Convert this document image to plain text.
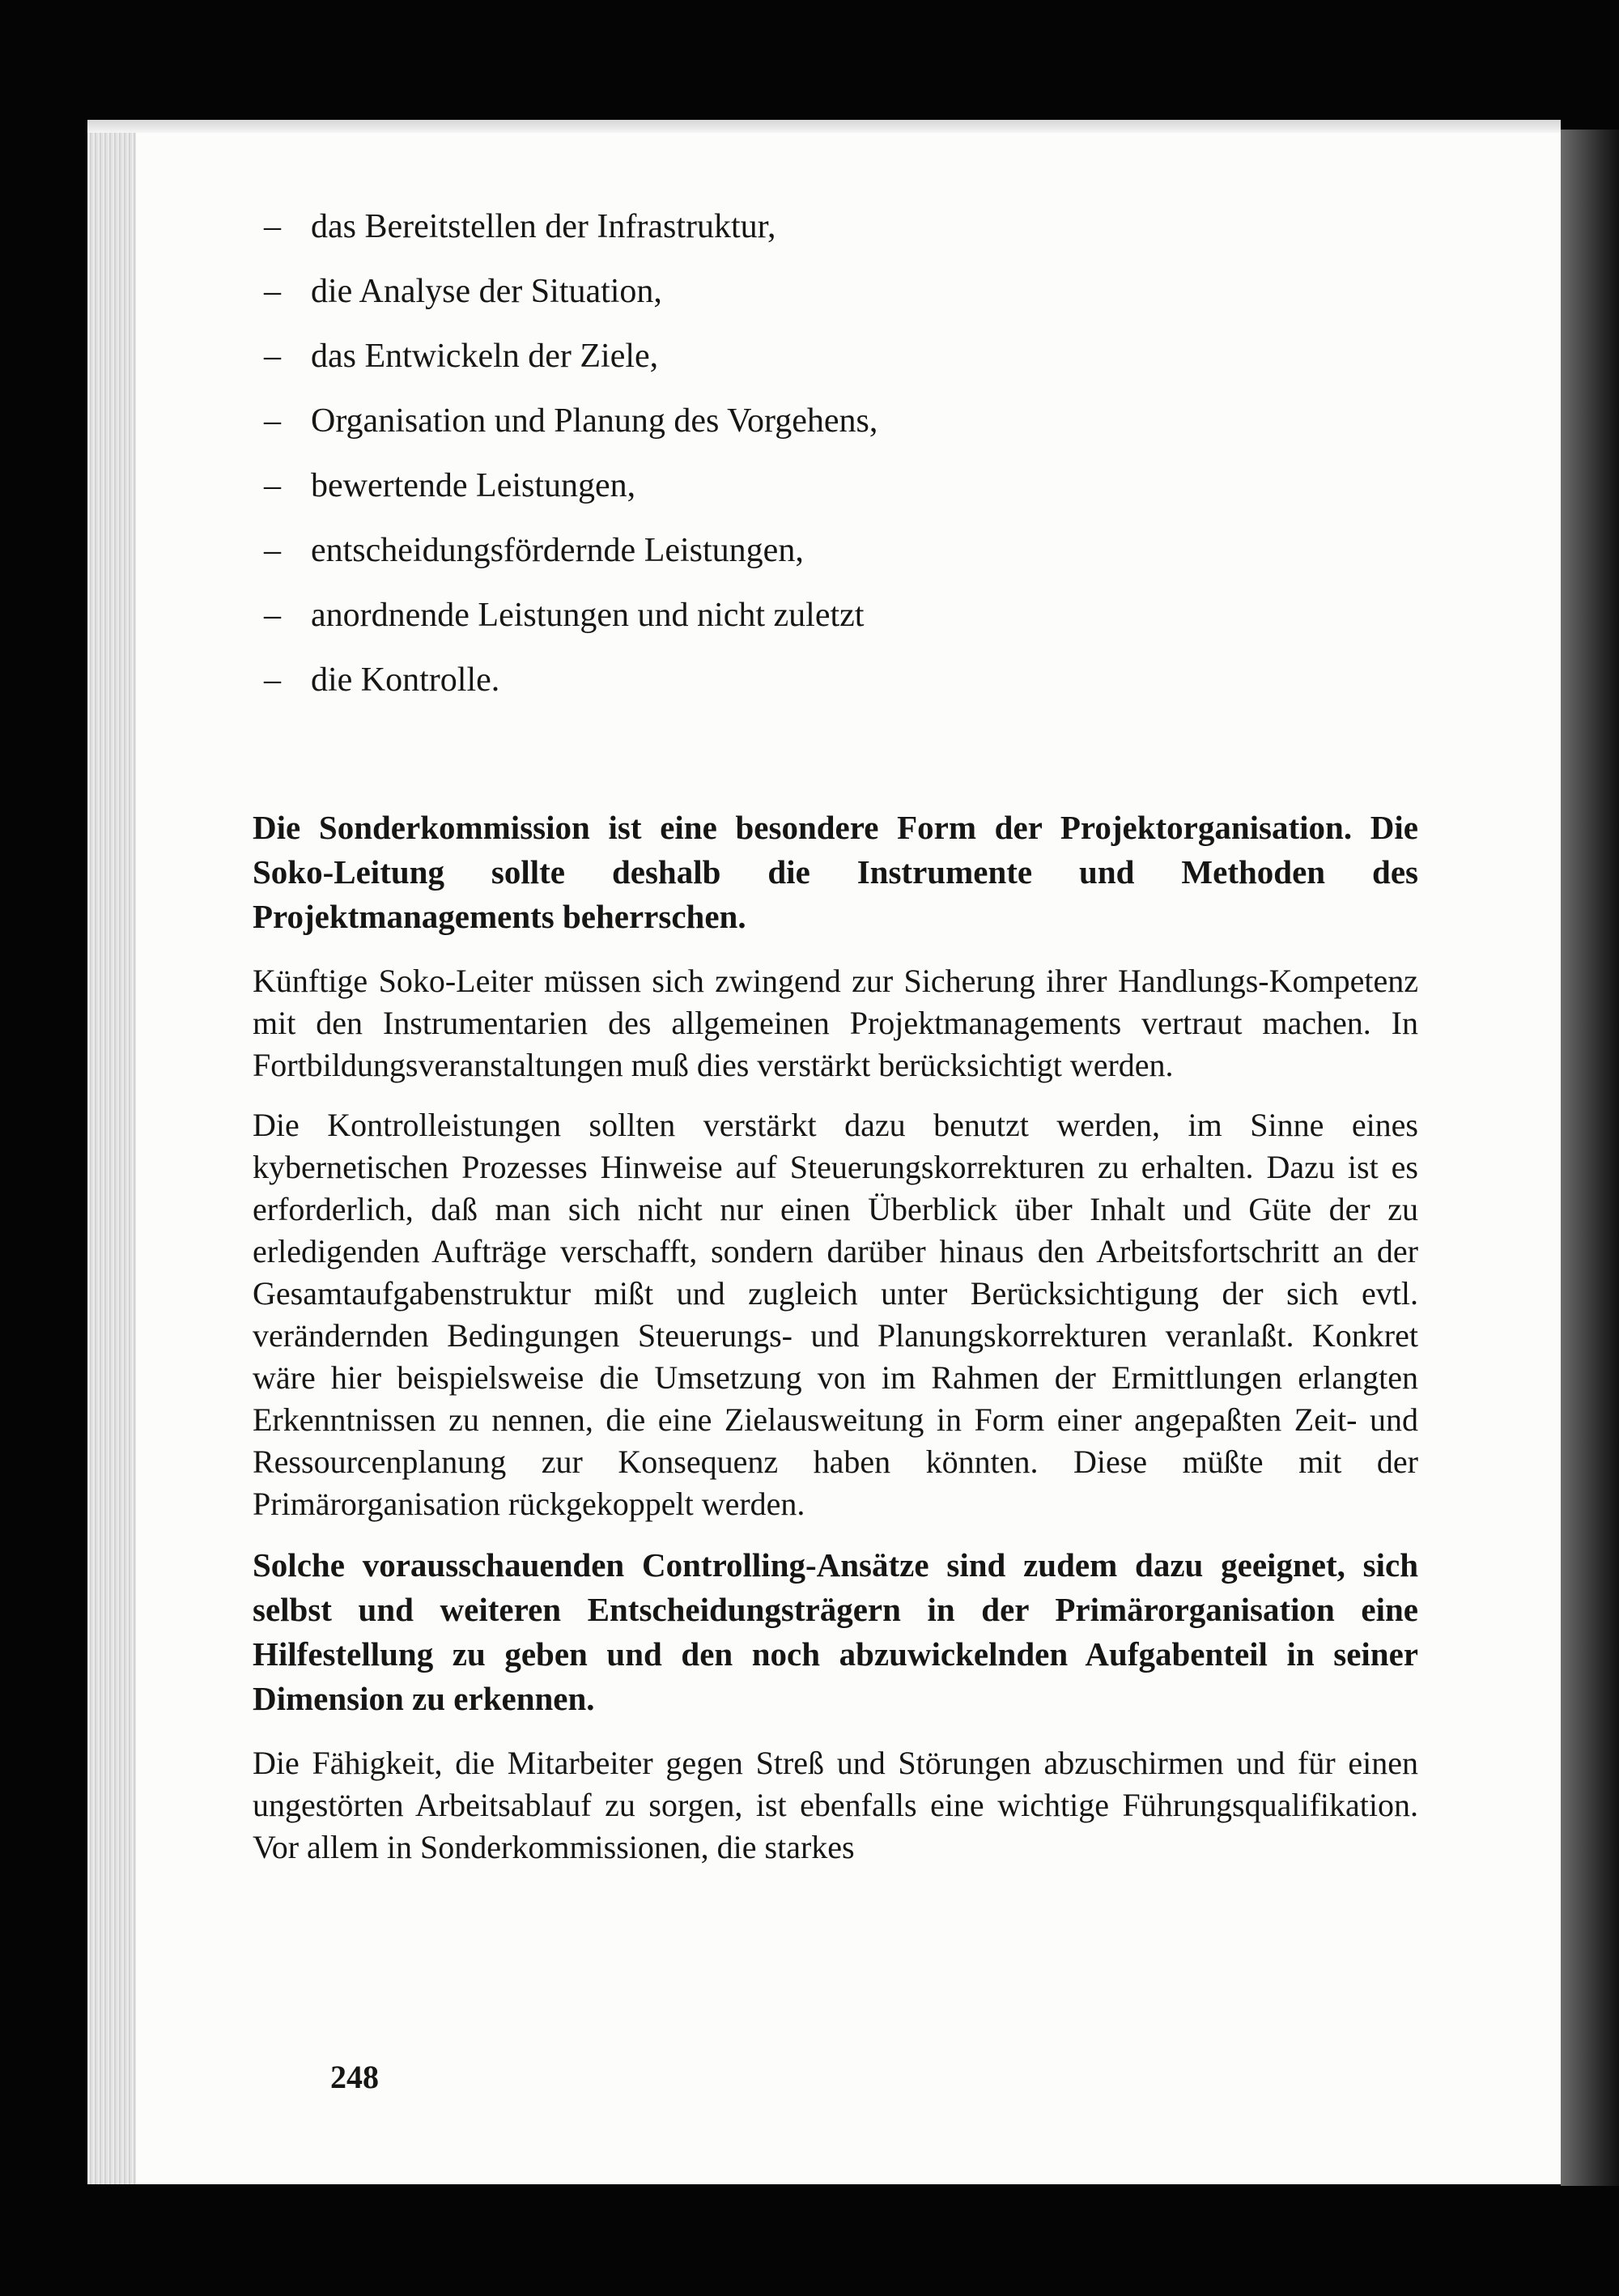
– das Bereitstellen der Infrastruktur,
– die Analyse der Situation,
– das Entwickeln der Ziele,
– Organisation und Planung des Vorgehens,
– bewertende Leistungen,
– entscheidungsfördernde Leistungen,
– anordnende Leistungen und nicht zuletzt
– die Kontrolle.

Die Sonderkommission ist eine besondere Form der Projektorganisation. Die Soko-Leitung sollte deshalb die Instrumente und Methoden des Projektmanagements beherrschen.

Künftige Soko-Leiter müssen sich zwingend zur Sicherung ihrer Handlungs-Kompetenz mit den Instrumentarien des allgemeinen Projektmanagements vertraut machen. In Fortbildungsveranstaltungen muß dies verstärkt berücksichtigt werden.

Die Kontrolleistungen sollten verstärkt dazu benutzt werden, im Sinne eines kybernetischen Prozesses Hinweise auf Steuerungskorrekturen zu erhalten. Dazu ist es erforderlich, daß man sich nicht nur einen Überblick über Inhalt und Güte der zu erledigenden Aufträge verschafft, sondern darüber hinaus den Arbeitsfortschritt an der Gesamtaufgabenstruktur mißt und zugleich unter Berücksichtigung der sich evtl. verändernden Bedingungen Steuerungs- und Planungskorrekturen veranlaßt. Konkret wäre hier beispielsweise die Umsetzung von im Rahmen der Ermittlungen erlangten Erkenntnissen zu nennen, die eine Zielausweitung in Form einer angepaßten Zeit- und Ressourcenplanung zur Konsequenz haben könnten. Diese müßte mit der Primärorganisation rückgekoppelt werden.

Solche vorausschauenden Controlling-Ansätze sind zudem dazu geeignet, sich selbst und weiteren Entscheidungsträgern in der Primärorganisation eine Hilfestellung zu geben und den noch abzuwickelnden Aufgabenteil in seiner Dimension zu erkennen.

Die Fähigkeit, die Mitarbeiter gegen Streß und Störungen abzuschirmen und für einen ungestörten Arbeitsablauf zu sorgen, ist ebenfalls eine wichtige Führungsqualifikation. Vor allem in Sonderkommissionen, die starkes

248
